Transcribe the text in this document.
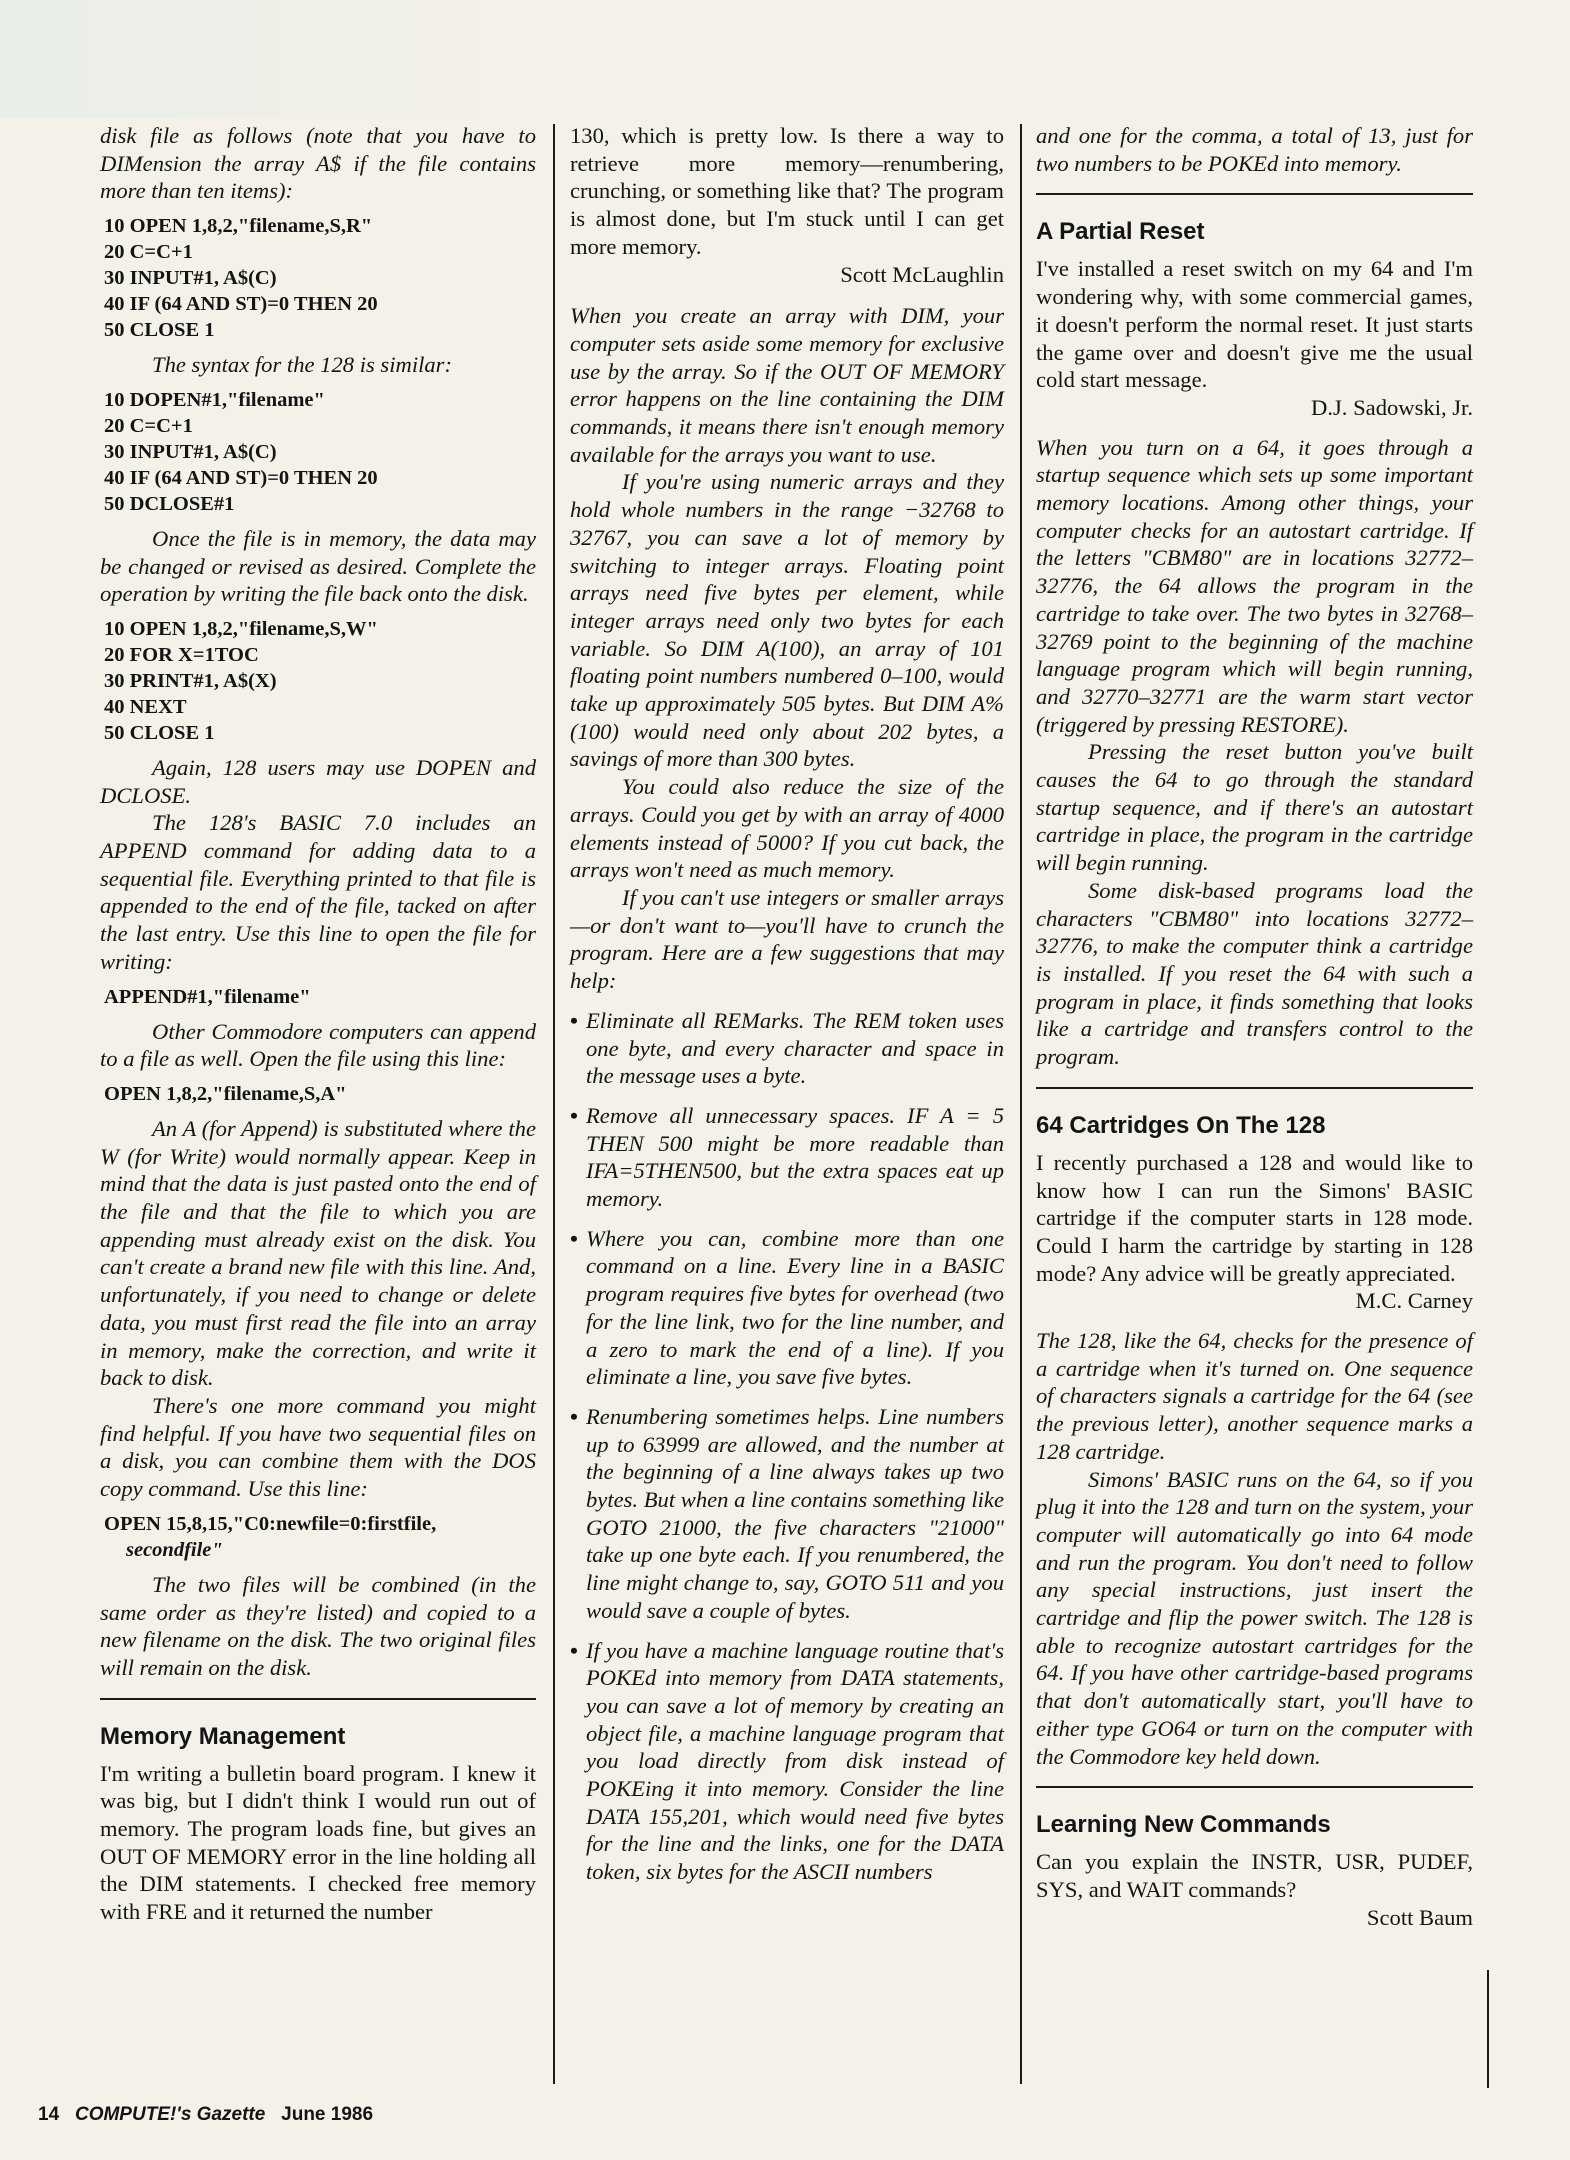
disk file as follows (note that you have to DIMension the array A$ if the file contains more than ten items):

10 OPEN 1,8,2,"filename,S,R"
20 C=C+1
30 INPUT#1, A$(C)
40 IF (64 AND ST)=0 THEN 20
50 CLOSE 1

The syntax for the 128 is similar:

10 DOPEN#1,"filename"
20 C=C+1
30 INPUT#1, A$(C)
40 IF (64 AND ST)=0 THEN 20
50 DCLOSE#1

Once the file is in memory, the data may be changed or revised as desired. Complete the operation by writing the file back onto the disk.

10 OPEN 1,8,2,"filename,S,W"
20 FOR X=1TOC
30 PRINT#1, A$(X)
40 NEXT
50 CLOSE 1

Again, 128 users may use DOPEN and DCLOSE.

The 128's BASIC 7.0 includes an APPEND command for adding data to a sequential file. Everything printed to that file is appended to the end of the file, tacked on after the last entry. Use this line to open the file for writing:

APPEND#1,"filename"

Other Commodore computers can append to a file as well. Open the file using this line:

OPEN 1,8,2,"filename,S,A"

An A (for Append) is substituted where the W (for Write) would normally appear. Keep in mind that the data is just pasted onto the end of the file and that the file to which you are appending must already exist on the disk. You can't create a brand new file with this line. And, unfortunately, if you need to change or delete data, you must first read the file into an array in memory, make the correction, and write it back to disk.

There's one more command you might find helpful. If you have two sequential files on a disk, you can combine them with the DOS copy command. Use this line:

OPEN 15,8,15,"C0:newfile=0:firstfile,
secondfile"

The two files will be combined (in the same order as they're listed) and copied to a new filename on the disk. The two original files will remain on the disk.

Memory Management

I'm writing a bulletin board program. I knew it was big, but I didn't think I would run out of memory. The program loads fine, but gives an OUT OF MEMORY error in the line holding all the DIM statements. I checked free memory with FRE and it returned the number

130, which is pretty low. Is there a way to retrieve more memory—renumbering, crunching, or something like that? The program is almost done, but I'm stuck until I can get more memory.

Scott McLaughlin

When you create an array with DIM, your computer sets aside some memory for exclusive use by the array. So if the OUT OF MEMORY error happens on the line containing the DIM commands, it means there isn't enough memory available for the arrays you want to use.

If you're using numeric arrays and they hold whole numbers in the range −32768 to 32767, you can save a lot of memory by switching to integer arrays. Floating point arrays need five bytes per element, while integer arrays need only two bytes for each variable. So DIM A(100), an array of 101 floating point numbers numbered 0–100, would take up approximately 505 bytes. But DIM A%(100) would need only about 202 bytes, a savings of more than 300 bytes.

You could also reduce the size of the arrays. Could you get by with an array of 4000 elements instead of 5000? If you cut back, the arrays won't need as much memory.

If you can't use integers or smaller arrays—or don't want to—you'll have to crunch the program. Here are a few suggestions that may help:

• Eliminate all REMarks. The REM token uses one byte, and every character and space in the message uses a byte.
• Remove all unnecessary spaces. IF A = 5 THEN 500 might be more readable than IFA=5THEN500, but the extra spaces eat up memory.
• Where you can, combine more than one command on a line. Every line in a BASIC program requires five bytes for overhead (two for the line link, two for the line number, and a zero to mark the end of a line). If you eliminate a line, you save five bytes.
• Renumbering sometimes helps. Line numbers up to 63999 are allowed, and the number at the beginning of a line always takes up two bytes. But when a line contains something like GOTO 21000, the five characters "21000" take up one byte each. If you renumbered, the line might change to, say, GOTO 511 and you would save a couple of bytes.
• If you have a machine language routine that's POKEd into memory from DATA statements, you can save a lot of memory by creating an object file, a machine language program that you load directly from disk instead of POKEing it into memory. Consider the line DATA 155,201, which would need five bytes for the line and the links, one for the DATA token, six bytes for the ASCII numbers

and one for the comma, a total of 13, just for two numbers to be POKEd into memory.

A Partial Reset

I've installed a reset switch on my 64 and I'm wondering why, with some commercial games, it doesn't perform the normal reset. It just starts the game over and doesn't give me the usual cold start message.

D.J. Sadowski, Jr.

When you turn on a 64, it goes through a startup sequence which sets up some important memory locations. Among other things, your computer checks for an autostart cartridge. If the letters "CBM80" are in locations 32772–32776, the 64 allows the program in the cartridge to take over. The two bytes in 32768–32769 point to the beginning of the machine language program which will begin running, and 32770–32771 are the warm start vector (triggered by pressing RESTORE).

Pressing the reset button you've built causes the 64 to go through the standard startup sequence, and if there's an autostart cartridge in place, the program in the cartridge will begin running.

Some disk-based programs load the characters "CBM80" into locations 32772–32776, to make the computer think a cartridge is installed. If you reset the 64 with such a program in place, it finds something that looks like a cartridge and transfers control to the program.

64 Cartridges On The 128

I recently purchased a 128 and would like to know how I can run the Simons' BASIC cartridge if the computer starts in 128 mode. Could I harm the cartridge by starting in 128 mode? Any advice will be greatly appreciated.

M.C. Carney

The 128, like the 64, checks for the presence of a cartridge when it's turned on. One sequence of characters signals a cartridge for the 64 (see the previous letter), another sequence marks a 128 cartridge.

Simons' BASIC runs on the 64, so if you plug it into the 128 and turn on the system, your computer will automatically go into 64 mode and run the program. You don't need to follow any special instructions, just insert the cartridge and flip the power switch. The 128 is able to recognize autostart cartridges for the 64. If you have other cartridge-based programs that don't automatically start, you'll have to either type GO64 or turn on the computer with the Commodore key held down.

Learning New Commands

Can you explain the INSTR, USR, PUDEF, SYS, and WAIT commands?

Scott Baum

14 COMPUTE!'s Gazette June 1986
